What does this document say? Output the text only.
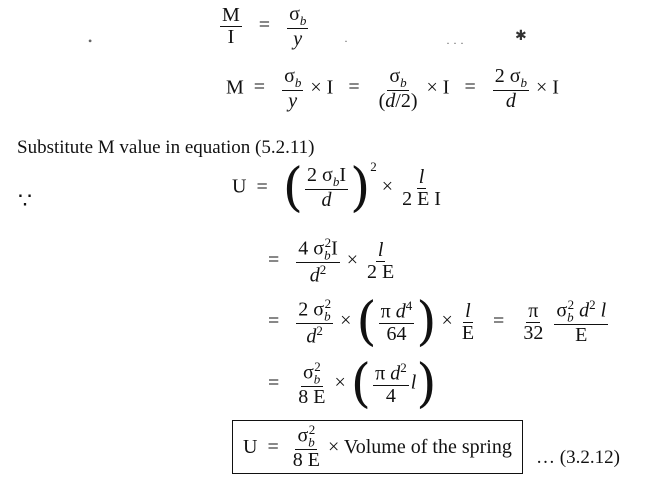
$\frac{M}{I} = \frac{\sigma_b}{y}$
$M = \frac{\sigma_b}{y} \times I = \frac{\sigma_b}{(d/2)} \times I = \frac{2 \sigma_b}{d} \times I$
Substitute M value in equation (5.2.11)
∵
U = ( $\frac{2 \sigma_bI}{d} )^2 \times \frac{l}{\text{2 E I}}$
= $\frac{4 \sigma_b^2I}{d^2} \times \frac{l}{2 E}$
= $\frac{2 \sigma_b^2}{d^2}$ × ( $\frac{\pi d^4}{64}$ ) × $\frac{l}{E} = \frac{\pi}{32}$
$\frac{\sigma_b^2 d^2 l}{E}$
= $\frac{\sigma_b^2}{8 E}$ × ( $\frac{\pi d^2}{4} l$)
$U = \frac{\sigma_b^2}{8 E}$ × Volume of the spring … (3.2.12)
•	·	· · ·	✱
